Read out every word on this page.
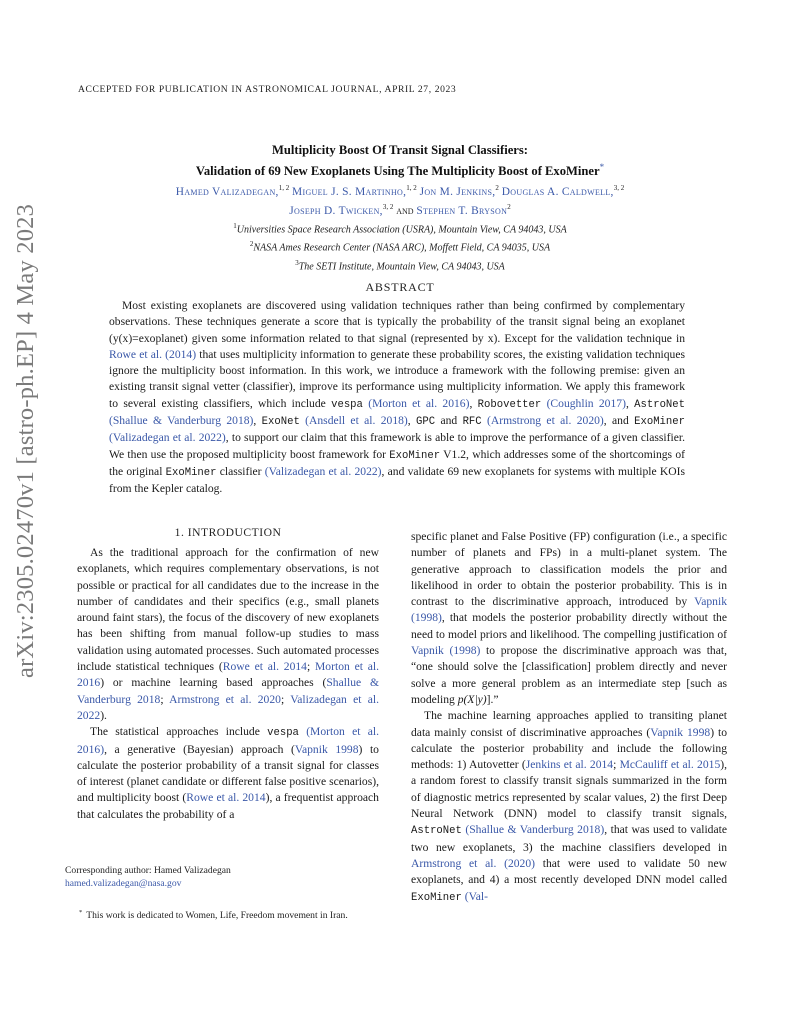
arXiv:2305.02470v1 [astro-ph.EP] 4 May 2023
ACCEPTED FOR PUBLICATION IN ASTRONOMICAL JOURNAL, APRIL 27, 2023
Multiplicity Boost Of Transit Signal Classifiers:
Validation of 69 New Exoplanets Using The Multiplicity Boost of ExoMiner*
Hamed Valizadegan,$^{1, 2}$ Miguel J. S. Martinho,$^{1, 2}$ Jon M. Jenkins,$^2$ Douglas A. Caldwell,$^{3, 2}$
Joseph D. Twicken,$^{3, 2}$ and Stephen T. Bryson$^2$
$^1$Universities Space Research Association (USRA), Mountain View, CA 94043, USA
$^2$NASA Ames Research Center (NASA ARC), Moffett Field, CA 94035, USA
$^3$The SETI Institute, Mountain View, CA 94043, USA
ABSTRACT

Most existing exoplanets are discovered using validation techniques rather than being confirmed by complementary observations. These techniques generate a score that is typically the probability of the transit signal being an exoplanet (y(x)=exoplanet) given some information related to that signal (represented by x). Except for the validation technique in Rowe et al. (2014) that uses multiplicity information to generate these probability scores, the existing validation techniques ignore the multiplicity boost information. In this work, we introduce a framework with the following premise: given an existing transit signal vetter (classifier), improve its performance using multiplicity information. We apply this framework to several existing classifiers, which include vespa (Morton et al. 2016), Robovetter (Coughlin 2017), AstroNet (Shallue & Vanderburg 2018), ExoNet (Ansdell et al. 2018), GPC and RFC (Armstrong et al. 2020), and ExoMiner (Valizadegan et al. 2022), to support our claim that this framework is able to improve the performance of a given classifier. We then use the proposed multiplicity boost framework for ExoMiner V1.2, which addresses some of the shortcomings of the original ExoMiner classifier (Valizadegan et al. 2022), and validate 69 new exoplanets for systems with multiple KOIs from the Kepler catalog.

1. INTRODUCTION

As the traditional approach for the confirmation of new exoplanets, which requires complementary observations, is not possible or practical for all candidates due to the increase in the number of candidates and their specifics (e.g., small planets around faint stars), the focus of the discovery of new exoplanets has been shifting from manual follow-up studies to mass validation using automated processes. Such automated processes include statistical techniques (Rowe et al. 2014; Morton et al. 2016) or machine learning based approaches (Shallue & Vanderburg 2018; Armstrong et al. 2020; Valizadegan et al. 2022).

The statistical approaches include vespa (Morton et al. 2016), a generative (Bayesian) approach (Vapnik 1998) to calculate the posterior probability of a transit signal for classes of interest (planet candidate or different false positive scenarios), and multiplicity boost (Rowe et al. 2014), a frequentist approach that calculates the probability of a

specific planet and False Positive (FP) configuration (i.e., a specific number of planets and FPs) in a multi-planet system. The generative approach to classification models the prior and likelihood in order to obtain the posterior probability. This is in contrast to the discriminative approach, introduced by Vapnik (1998), that models the posterior probability directly without the need to model priors and likelihood. The compelling justification of Vapnik (1998) to propose the discriminative approach was that, “one should solve the [classification] problem directly and never solve a more general problem as an intermediate step [such as modeling p(X|y)].”

The machine learning approaches applied to transiting planet data mainly consist of discriminative approaches (Vapnik 1998) to calculate the posterior probability and include the following methods: 1) Autovetter (Jenkins et al. 2014; McCauliff et al. 2015), a random forest to classify transit signals summarized in the form of diagnostic metrics represented by scalar values, 2) the first Deep Neural Network (DNN) model to classify transit signals, AstroNet (Shallue & Vanderburg 2018), that was used to validate two new exoplanets, 3) the machine classifiers developed in Armstrong et al. (2020) that were used to validate 50 new exoplanets, and 4) a most recently developed DNN model called ExoMiner (Val-

Corresponding author: Hamed Valizadegan
hamed.valizadegan@nasa.gov
* This work is dedicated to Women, Life, Freedom movement in Iran.
